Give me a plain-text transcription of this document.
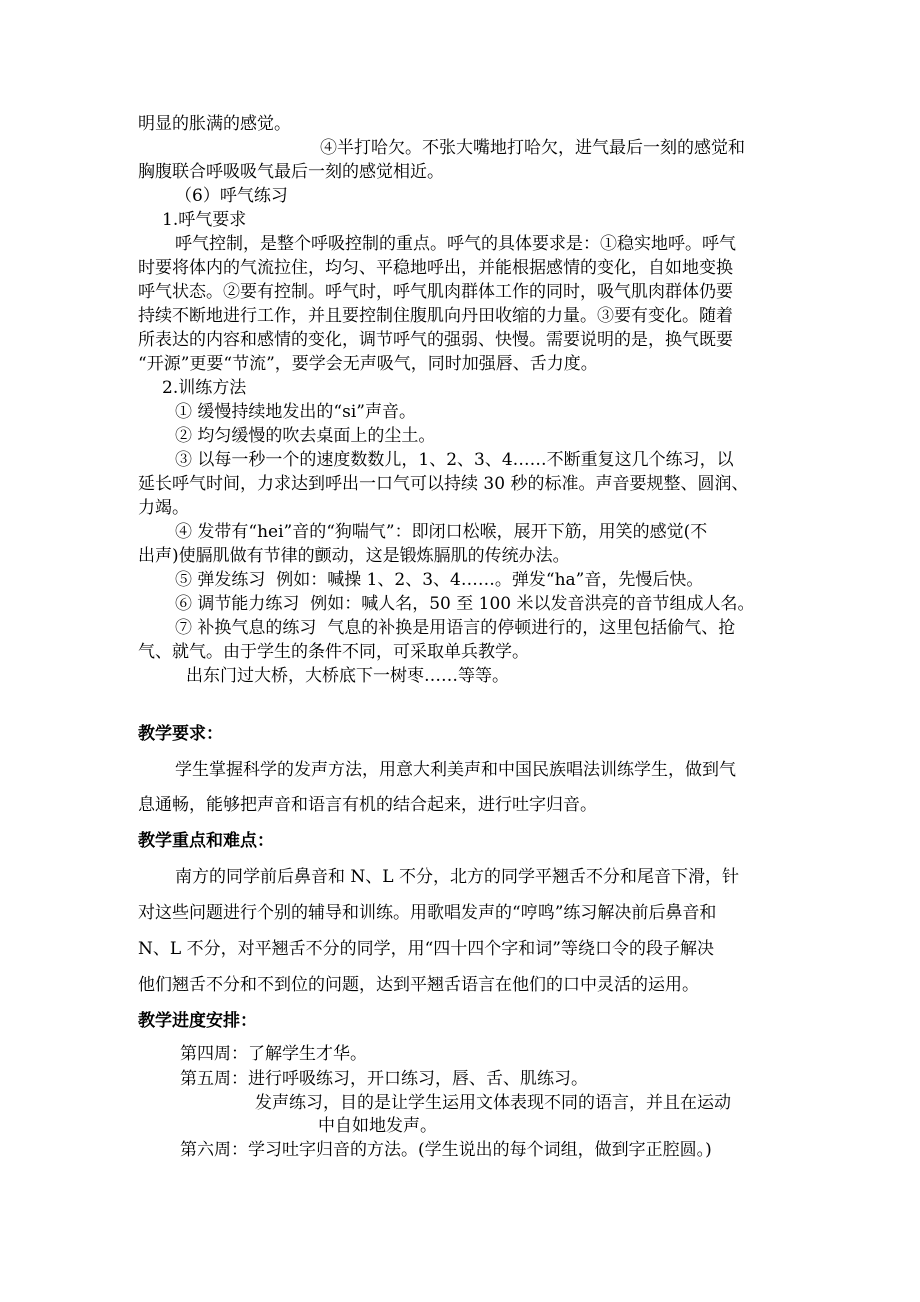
明显的胀满的感觉。
④半打哈欠。不张大嘴地打哈欠，进气最后一刻的感觉和
胸腹联合呼吸吸气最后一刻的感觉相近。
（6）呼气练习
1.呼气要求
呼气控制，是整个呼吸控制的重点。呼气的具体要求是：①稳实地呼。呼气
时要将体内的气流拉住，均匀、平稳地呼出，并能根据感情的变化，自如地变换
呼气状态。②要有控制。呼气时，呼气肌肉群体工作的同时，吸气肌肉群体仍要
持续不断地进行工作，并且要控制住腹肌向丹田收缩的力量。③要有变化。随着
所表达的内容和感情的变化，调节呼气的强弱、快慢。需要说明的是，换气既要
“开源”更要“节流”，要学会无声吸气，同时加强唇、舌力度。
2.训练方法
① 缓慢持续地发出的“si”声音。
② 均匀缓慢的吹去桌面上的尘土。
③ 以每一秒一个的速度数数儿，1、2、3、4……不断重复这几个练习，以
延长呼气时间，力求达到呼出一口气可以持续 30 秒的标准。声音要规整、圆润、
力竭。
④ 发带有“hei”音的“狗喘气”：即闭口松喉，展开下筋，用笑的感觉(不
出声)使膈肌做有节律的颤动，这是锻炼膈肌的传统办法。
⑤ 弹发练习  例如：喊操 1、2、3、4……。弹发“ha”音，先慢后快。
⑥ 调节能力练习  例如：喊人名，50 至 100 米以发音洪亮的音节组成人名。
⑦ 补换气息的练习  气息的补换是用语言的停顿进行的，这里包括偷气、抢
气、就气。由于学生的条件不同，可采取单兵教学。
出东门过大桥，大桥底下一树枣……等等。
教学要求：
学生掌握科学的发声方法，用意大利美声和中国民族唱法训练学生，做到气
息通畅，能够把声音和语言有机的结合起来，进行吐字归音。
教学重点和难点：
南方的同学前后鼻音和 N、L 不分，北方的同学平翘舌不分和尾音下滑，针
对这些问题进行个别的辅导和训练。用歌唱发声的“哼鸣”练习解决前后鼻音和
N、L 不分，对平翘舌不分的同学，用“四十四个字和词”等绕口令的段子解决
他们翘舌不分和不到位的问题，达到平翘舌语言在他们的口中灵活的运用。
教学进度安排：
第四周：了解学生才华。
第五周：进行呼吸练习，开口练习，唇、舌、肌练习。
发声练习，目的是让学生运用文体表现不同的语言，并且在运动
中自如地发声。
第六周：学习吐字归音的方法。(学生说出的每个词组，做到字正腔圆。)
